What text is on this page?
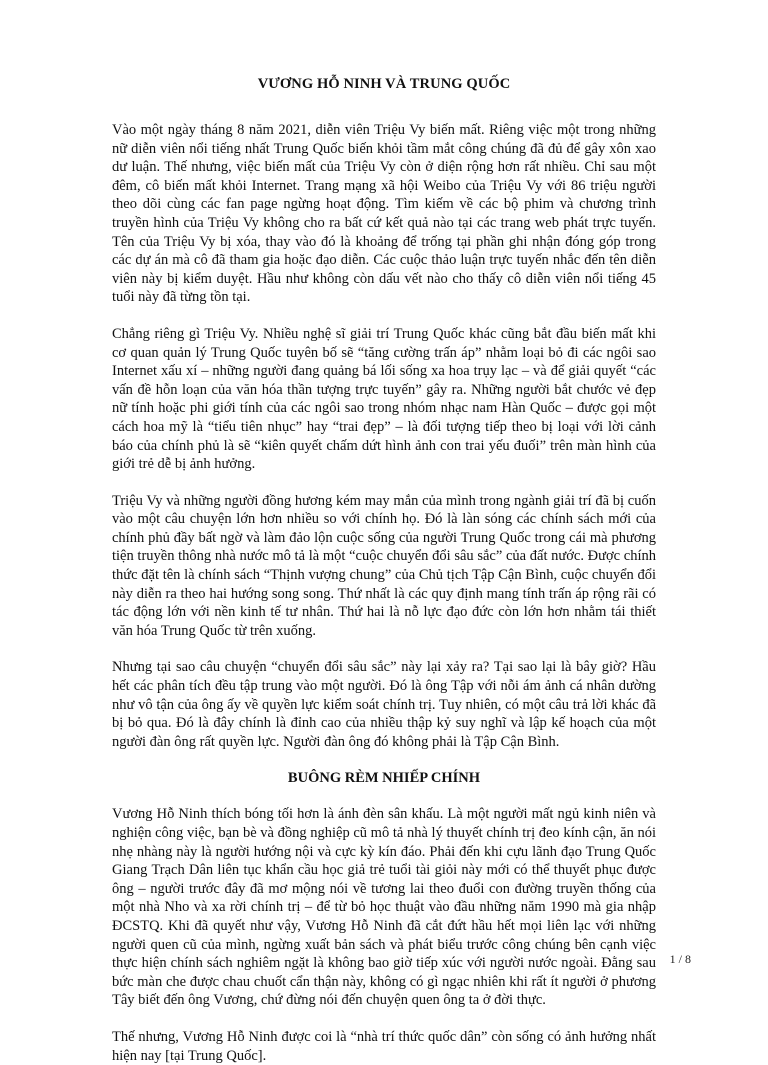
VƯƠNG HỖ NINH VÀ TRUNG QUỐC

Vào một ngày tháng 8 năm 2021, diễn viên Triệu Vy biến mất. Riêng việc một trong những nữ diễn viên nổi tiếng nhất Trung Quốc biến khỏi tầm mắt công chúng đã đủ để gây xôn xao dư luận. Thế nhưng, việc biến mất của Triệu Vy còn ở diện rộng hơn rất nhiều. Chỉ sau một đêm, cô biến mất khỏi Internet. Trang mạng xã hội Weibo của Triệu Vy với 86 triệu người theo dõi cùng các fan page ngừng hoạt động. Tìm kiếm về các bộ phim và chương trình truyền hình của Triệu Vy không cho ra bất cứ kết quả nào tại các trang web phát trực tuyến. Tên của Triệu Vy bị xóa, thay vào đó là khoảng để trống tại phần ghi nhận đóng góp trong các dự án mà cô đã tham gia hoặc đạo diễn. Các cuộc thảo luận trực tuyến nhắc đến tên diễn viên này bị kiểm duyệt. Hầu như không còn dấu vết nào cho thấy cô diễn viên nổi tiếng 45 tuổi này đã từng tồn tại.

Chẳng riêng gì Triệu Vy. Nhiều nghệ sĩ giải trí Trung Quốc khác cũng bắt đầu biến mất khi cơ quan quản lý Trung Quốc tuyên bố sẽ “tăng cường trấn áp” nhằm loại bỏ đi các ngôi sao Internet xấu xí – những người đang quảng bá lối sống xa hoa trụy lạc – và để giải quyết “các vấn đề hỗn loạn của văn hóa thần tượng trực tuyến” gây ra. Những người bắt chước vẻ đẹp nữ tính hoặc phi giới tính của các ngôi sao trong nhóm nhạc nam Hàn Quốc – được gọi một cách hoa mỹ là “tiểu tiên nhục” hay “trai đẹp” – là đối tượng tiếp theo bị loại với lời cảnh báo của chính phủ là sẽ “kiên quyết chấm dứt hình ảnh con trai yếu đuối” trên màn hình của giới trẻ dễ bị ảnh hưởng.

Triệu Vy và những người đồng hương kém may mắn của mình trong ngành giải trí đã bị cuốn vào một câu chuyện lớn hơn nhiều so với chính họ. Đó là làn sóng các chính sách mới của chính phủ đầy bất ngờ và làm đảo lộn cuộc sống của người Trung Quốc trong cái mà phương tiện truyền thông nhà nước mô tả là một “cuộc chuyển đổi sâu sắc” của đất nước. Được chính thức đặt tên là chính sách “Thịnh vượng chung” của Chủ tịch Tập Cận Bình, cuộc chuyển đổi này diễn ra theo hai hướng song song. Thứ nhất là các quy định mang tính trấn áp rộng rãi có tác động lớn với nền kinh tế tư nhân. Thứ hai là nỗ lực đạo đức còn lớn hơn nhằm tái thiết văn hóa Trung Quốc từ trên xuống.

Nhưng tại sao câu chuyện “chuyển đổi sâu sắc” này lại xảy ra? Tại sao lại là bây giờ? Hầu hết các phân tích đều tập trung vào một người. Đó là ông Tập với nỗi ám ảnh cá nhân dường như vô tận của ông ấy về quyền lực kiểm soát chính trị. Tuy nhiên, có một câu trả lời khác đã bị bỏ qua. Đó là đây chính là đỉnh cao của nhiều thập kỷ suy nghĩ và lập kế hoạch của một người đàn ông rất quyền lực. Người đàn ông đó không phải là Tập Cận Bình.

BUÔNG RÈM NHIẾP CHÍNH

Vương Hỗ Ninh thích bóng tối hơn là ánh đèn sân khấu. Là một người mất ngủ kinh niên và nghiện công việc, bạn bè và đồng nghiệp cũ mô tả nhà lý thuyết chính trị đeo kính cận, ăn nói nhẹ nhàng này là người hướng nội và cực kỳ kín đáo. Phải đến khi cựu lãnh đạo Trung Quốc Giang Trạch Dân liên tục khẩn cầu học giả trẻ tuổi tài giỏi này mới có thể thuyết phục được ông – người trước đây đã mơ mộng nói về tương lai theo đuổi con đường truyền thống của một nhà Nho và xa rời chính trị – để từ bỏ học thuật vào đầu những năm 1990 mà gia nhập ĐCSTQ. Khi đã quyết như vậy, Vương Hỗ Ninh đã cắt đứt hầu hết mọi liên lạc với những người quen cũ của mình, ngừng xuất bản sách và phát biểu trước công chúng bên cạnh việc thực hiện chính sách nghiêm ngặt là không bao giờ tiếp xúc với người nước ngoài. Đằng sau bức màn che được chau chuốt cẩn thận này, không có gì ngạc nhiên khi rất ít người ở phương Tây biết đến ông Vương, chứ đừng nói đến chuyện quen ông ta ở đời thực.

Thế nhưng, Vương Hỗ Ninh được coi là “nhà trí thức quốc dân” còn sống có ảnh hưởng nhất hiện nay [tại Trung Quốc].

1 / 8
